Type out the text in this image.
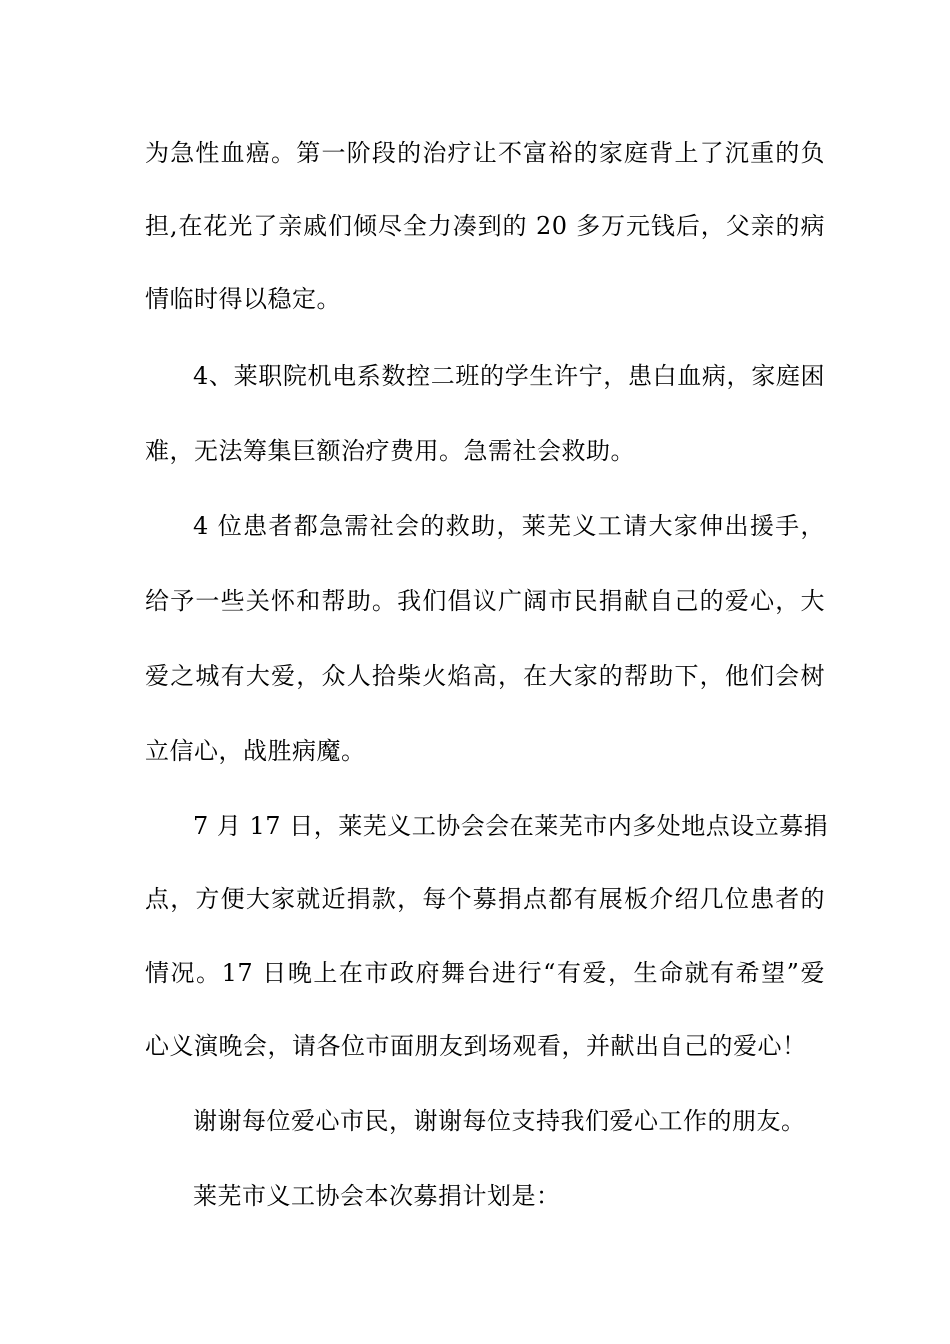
为急性血癌。第一阶段的治疗让不富裕的家庭背上了沉重的负
担,在花光了亲戚们倾尽全力凑到的 20 多万元钱后，父亲的病
情临时得以稳定。
4、莱职院机电系数控二班的学生许宁，患白血病，家庭困
难，无法筹集巨额治疗费用。急需社会救助。
4 位患者都急需社会的救助，莱芜义工请大家伸出援手，
给予一些关怀和帮助。我们倡议广阔市民捐献自己的爱心，大
爱之城有大爱，众人拾柴火焰高，在大家的帮助下，他们会树
立信心，战胜病魔。
7 月 17 日，莱芜义工协会会在莱芜市内多处地点设立募捐
点，方便大家就近捐款，每个募捐点都有展板介绍几位患者的
情况。17 日晚上在市政府舞台进行“有爱，生命就有希望”爱
心义演晚会，请各位市面朋友到场观看，并献出自己的爱心！
谢谢每位爱心市民，谢谢每位支持我们爱心工作的朋友。
莱芜市义工协会本次募捐计划是：
